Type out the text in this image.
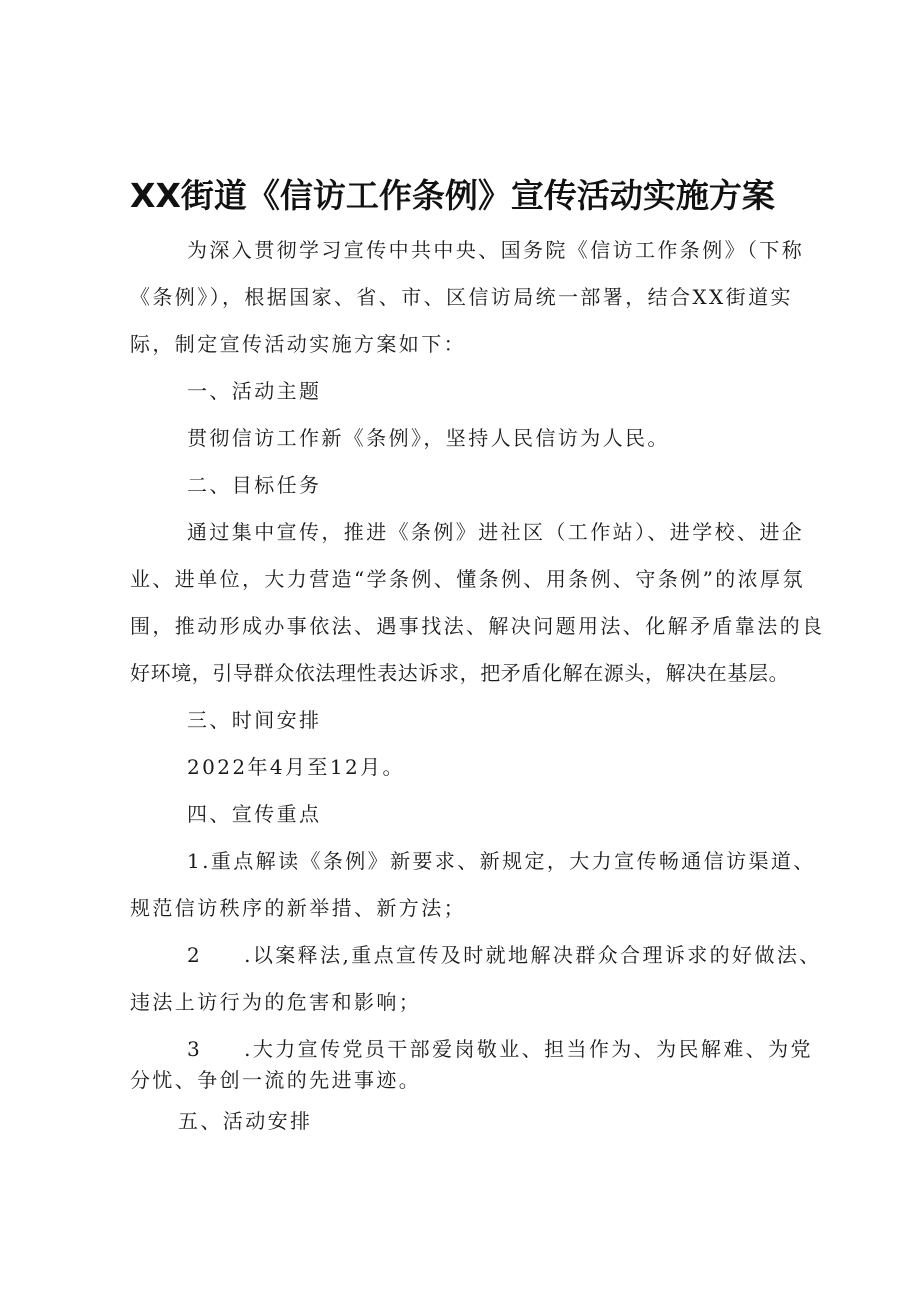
XX街道《信访工作条例》宣传活动实施方案
为深入贯彻学习宣传中共中央、国务院《信访工作条例》（下称
《条例》），根据国家、省、市、区信访局统一部署，结合XX街道实
际，制定宣传活动实施方案如下：
一、活动主题
贯彻信访工作新《条例》，坚持人民信访为人民。
二、目标任务
通过集中宣传，推进《条例》进社区（工作站）、进学校、进企
业、进单位，大力营造“学条例、懂条例、用条例、守条例”的浓厚氛
围，推动形成办事依法、遇事找法、解决问题用法、化解矛盾靠法的良
好环境，引导群众依法理性表达诉求，把矛盾化解在源头，解决在基层。
三、时间安排
2022年4月至12月。
四、宣传重点
1.重点解读《条例》新要求、新规定，大力宣传畅通信访渠道、
规范信访秩序的新举措、新方法；
2 .以案释法,重点宣传及时就地解决群众合理诉求的好做法、
违法上访行为的危害和影响；
3 .大力宣传党员干部爱岗敬业、担当作为、为民解难、为党
分忧、争创一流的先进事迹。
五、活动安排
